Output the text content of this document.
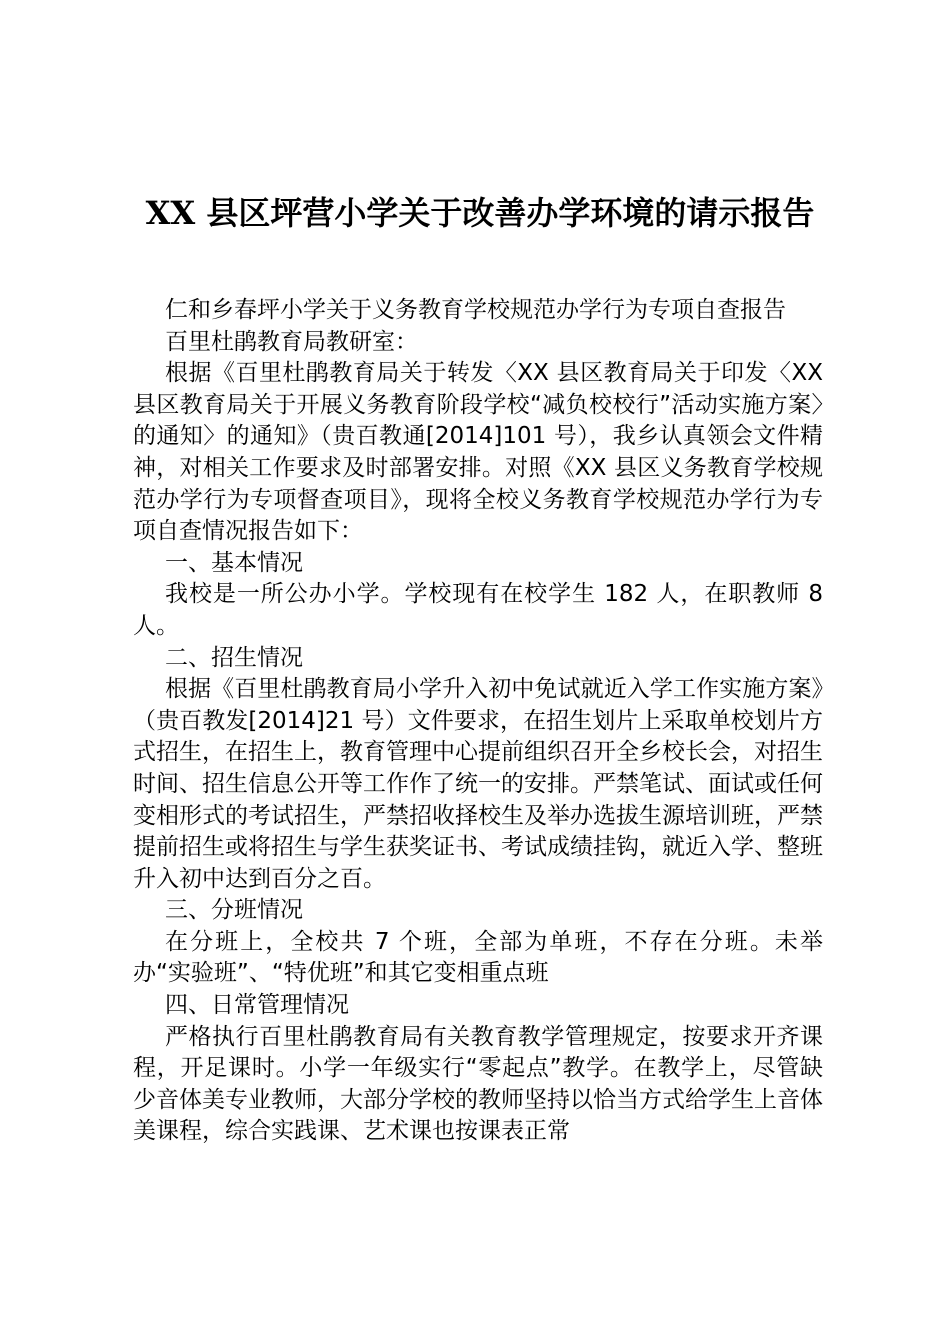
XX 县区坪营小学关于改善办学环境的请示报告

仁和乡春坪小学关于义务教育学校规范办学行为专项自查报告

百里杜鹃教育局教研室：

根据《百里杜鹃教育局关于转发〈XX 县区教育局关于印发〈XX 县区教育局关于开展义务教育阶段学校“减负校校行”活动实施方案〉的通知〉的通知》（贵百教通[2014]101 号），我乡认真领会文件精神，对相关工作要求及时部署安排。对照《XX 县区义务教育学校规范办学行为专项督查项目》，现将全校义务教育学校规范办学行为专项自查情况报告如下：

一、基本情况

我校是一所公办小学。学校现有在校学生 182 人，在职教师 8 人。

二、招生情况

根据《百里杜鹃教育局小学升入初中免试就近入学工作实施方案》（贵百教发[2014]21 号）文件要求，在招生划片上采取单校划片方式招生，在招生上，教育管理中心提前组织召开全乡校长会，对招生时间、招生信息公开等工作作了统一的安排。严禁笔试、面试或任何变相形式的考试招生，严禁招收择校生及举办选拔生源培训班，严禁提前招生或将招生与学生获奖证书、考试成绩挂钩，就近入学、整班升入初中达到百分之百。

三、分班情况

在分班上，全校共 7 个班，全部为单班，不存在分班。未举办“实验班”、“特优班”和其它变相重点班

四、日常管理情况

严格执行百里杜鹃教育局有关教育教学管理规定，按要求开齐课程，开足课时。小学一年级实行“零起点”教学。在教学上，尽管缺少音体美专业教师，大部分学校的教师坚持以恰当方式给学生上音体美课程，综合实践课、艺术课也按课表正常
